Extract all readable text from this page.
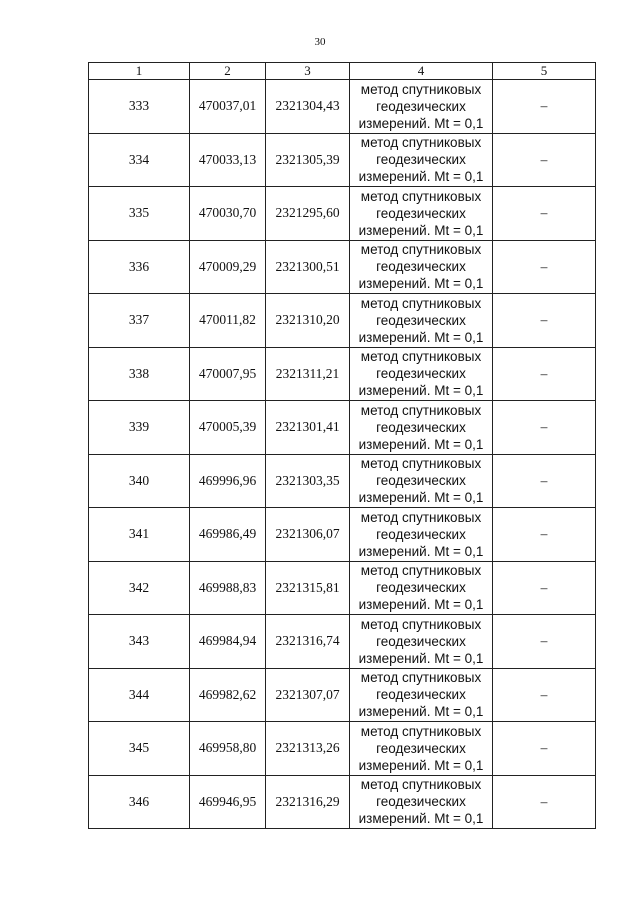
30
1	2	3	4	5
333	470037,01	2321304,43	метод спутниковых
геодезических
измерений. Mt = 0,1	–
334	470033,13	2321305,39	метод спутниковых
геодезических
измерений. Mt = 0,1	–
335	470030,70	2321295,60	метод спутниковых
геодезических
измерений. Mt = 0,1	–
336	470009,29	2321300,51	метод спутниковых
геодезических
измерений. Mt = 0,1	–
337	470011,82	2321310,20	метод спутниковых
геодезических
измерений. Mt = 0,1	–
338	470007,95	2321311,21	метод спутниковых
геодезических
измерений. Mt = 0,1	–
339	470005,39	2321301,41	метод спутниковых
геодезических
измерений. Mt = 0,1	–
340	469996,96	2321303,35	метод спутниковых
геодезических
измерений. Mt = 0,1	–
341	469986,49	2321306,07	метод спутниковых
геодезических
измерений. Mt = 0,1	–
342	469988,83	2321315,81	метод спутниковых
геодезических
измерений. Mt = 0,1	–
343	469984,94	2321316,74	метод спутниковых
геодезических
измерений. Mt = 0,1	–
344	469982,62	2321307,07	метод спутниковых
геодезических
измерений. Mt = 0,1	–
345	469958,80	2321313,26	метод спутниковых
геодезических
измерений. Mt = 0,1	–
346	469946,95	2321316,29	метод спутниковых
геодезических
измерений. Mt = 0,1	–
